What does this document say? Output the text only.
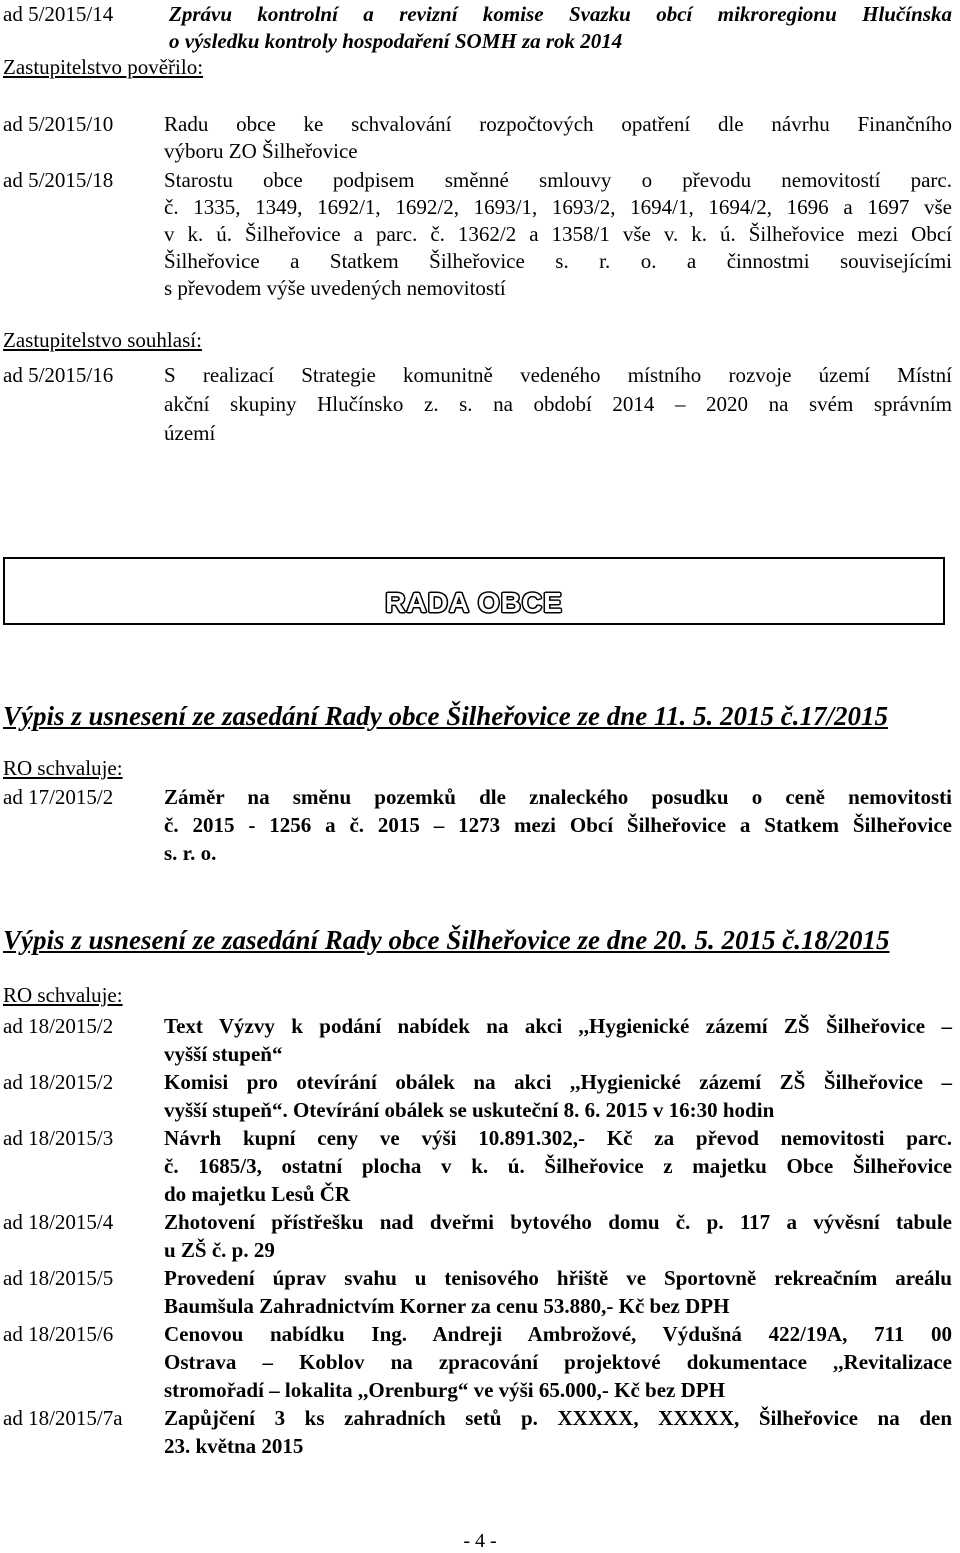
ad 5/2015/14	Zprávu kontrolní a revizní komise Svazku obcí mikroregionu Hlučínska
o výsledku kontroly hospodaření SOMH za rok 2014
Zastupitelstvo pověřilo:
ad 5/2015/10 Radu obce ke schvalování rozpočtových opatření dle návrhu Finančního
výboru ZO Šilheřovice
ad 5/2015/18 Starostu obce podpisem směnné smlouvy o převodu nemovitostí parc.
č. 1335, 1349, 1692/1, 1692/2, 1693/1, 1693/2, 1694/1, 1694/2, 1696 a 1697 vše
v k. ú. Šilheřovice a parc. č. 1362/2 a 1358/1 vše v. k. ú. Šilheřovice mezi Obcí
Šilheřovice a Statkem Šilheřovice s. r. o. a činnostmi souvisejícími
s převodem výše uvedených nemovitostí
Zastupitelstvo souhlasí:
ad 5/2015/16 S realizací Strategie komunitně vedeného místního rozvoje území Místní
akční skupiny Hlučínsko z. s. na období 2014 – 2020 na svém správním
území
RADA OBCE
Výpis z usnesení ze zasedání Rady obce Šilheřovice ze dne 11. 5. 2015 č.17/2015
RO schvaluje:
ad 17/2015/2 Záměr na směnu pozemků dle znaleckého posudku o ceně nemovitosti
č. 2015 - 1256 a č. 2015 – 1273 mezi Obcí Šilheřovice a Statkem Šilheřovice
s. r. o.
Výpis z usnesení ze zasedání Rady obce Šilheřovice ze dne 20. 5. 2015 č.18/2015
RO schvaluje:
ad 18/2015/2 Text Výzvy k podání nabídek na akci ,,Hygienické zázemí ZŠ Šilheřovice –
vyšší stupeň“
ad 18/2015/2 Komisi pro otevírání obálek na akci ,,Hygienické zázemí ZŠ Šilheřovice –
vyšší stupeň“. Otevírání obálek se uskuteční 8. 6. 2015 v 16:30 hodin
ad 18/2015/3 Návrh kupní ceny ve výši 10.891.302,- Kč za převod nemovitosti parc.
č. 1685/3, ostatní plocha v k. ú. Šilheřovice z majetku Obce Šilheřovice
do majetku Lesů ČR
ad 18/2015/4 Zhotovení přístřešku nad dveřmi bytového domu č. p. 117 a vývěsní tabule
u ZŠ č. p. 29
ad 18/2015/5 Provedení úprav svahu u tenisového hřiště ve Sportovně rekreačním areálu
Baumšula Zahradnictvím Korner za cenu 53.880,- Kč bez DPH
ad 18/2015/6 Cenovou nabídku Ing. Andreji Ambrožové, Výdušná 422/19A, 711 00
Ostrava – Koblov na zpracování projektové dokumentace ,,Revitalizace
stromořadí – lokalita ,,Orenburg“ ve výši 65.000,- Kč bez DPH
ad 18/2015/7a Zapůjčení 3 ks zahradních setů p. XXXXX, XXXXX, Šilheřovice na den
23. května 2015
- 4 -
